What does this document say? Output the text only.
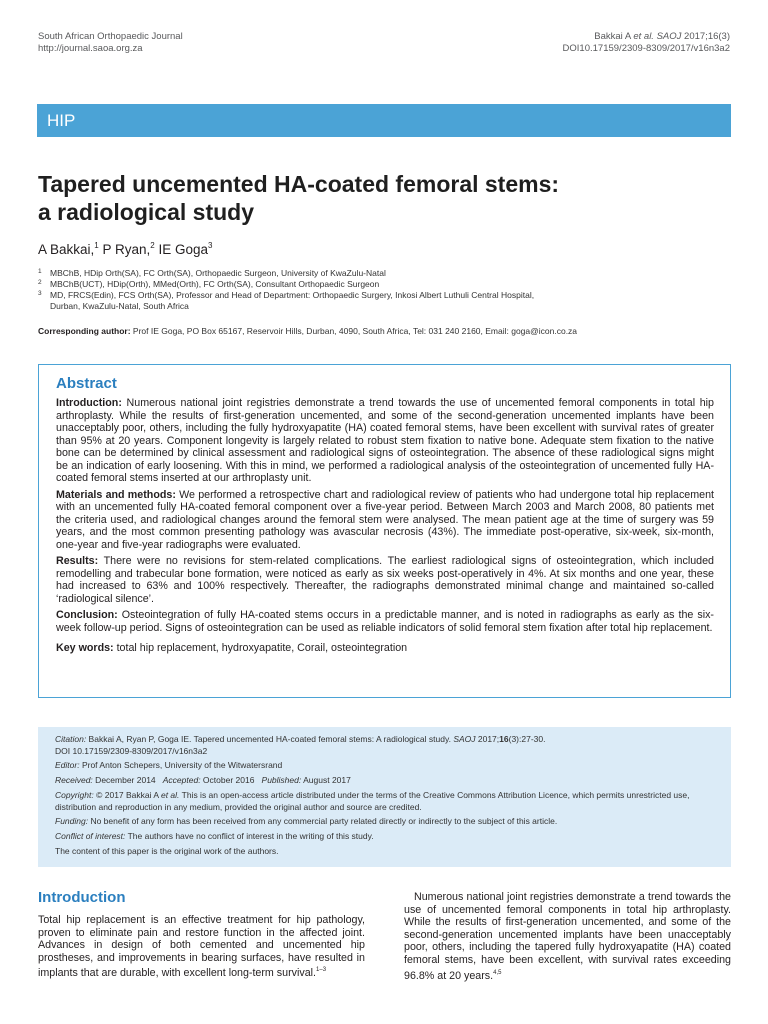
South African Orthopaedic Journal
http://journal.saoa.org.za
Bakkai A et al. SAOJ 2017;16(3)
DOI10.17159/2309-8309/2017/v16n3a2
HIP
Tapered uncemented HA-coated femoral stems:
a radiological study
A Bakkai,$^1$ P Ryan,$^2$ IE Goga$^3$
1 MBChB, HDip Orth(SA), FC Orth(SA), Orthopaedic Surgeon, University of KwaZulu-Natal
2 MBChB(UCT), HDip(Orth), MMed(Orth), FC Orth(SA), Consultant Orthopaedic Surgeon
3 MD, FRCS(Edin), FCS Orth(SA), Professor and Head of Department: Orthopaedic Surgery, Inkosi Albert Luthuli Central Hospital,
Durban, KwaZulu-Natal, South Africa
Corresponding author: Prof IE Goga, PO Box 65167, Reservoir Hills, Durban, 4090, South Africa, Tel: 031 240 2160, Email: goga@icon.co.za
Abstract

Introduction: Numerous national joint registries demonstrate a trend towards the use of uncemented femoral components in total hip arthroplasty. While the results of first-generation uncemented, and some of the second-generation uncemented implants have been unacceptably poor, others, including the fully hydroxyapatite (HA) coated femoral stems, have been excellent with survival rates of greater than 95% at 20 years. Component longevity is largely related to robust stem fixation to native bone. Adequate stem fixation to the native bone can be determined by clinical assessment and radiological signs of osteointegration. The absence of these radiological signs might be an indication of early loosening. With this in mind, we performed a radiological analysis of the osteointegration of uncemented fully HA-coated femoral stems inserted at our arthroplasty unit.

Materials and methods: We performed a retrospective chart and radiological review of patients who had undergone total hip replacement with an uncemented fully HA-coated femoral component over a five-year period. Between March 2003 and March 2008, 80 patients met the criteria used, and radiological changes around the femoral stem were analysed. The mean patient age at the time of surgery was 59 years, and the most common presenting pathology was avascular necrosis (43%). The immediate post-operative, six-week, six-month, one-year and five-year radiographs were evaluated.

Results: There were no revisions for stem-related complications. The earliest radiological signs of osteointegration, which included remodelling and trabecular bone formation, were noticed as early as six weeks post-operatively in 4%. At six months and one year, these had increased to 63% and 100% respectively. Thereafter, the radiographs demonstrated minimal change and maintained so-called ‘radiological silence’.

Conclusion: Osteointegration of fully HA-coated stems occurs in a predictable manner, and is noted in radiographs as early as the six-week follow-up period. Signs of osteointegration can be used as reliable indicators of solid femoral stem fixation after total hip replacement.

Key words: total hip replacement, hydroxyapatite, Corail, osteointegration

Citation: Bakkai A, Ryan P, Goga IE. Tapered uncemented HA-coated femoral stems: A radiological study. SAOJ 2017;16(3):27-30.
DOI 10.17159/2309-8309/2017/v16n3a2

Editor: Prof Anton Schepers, University of the Witwatersrand

Received: December 2014 Accepted: October 2016 Published: August 2017

Copyright: © 2017 Bakkai A et al. This is an open-access article distributed under the terms of the Creative Commons Attribution Licence, which permits unrestricted use, distribution and reproduction in any medium, provided the original author and source are credited.

Funding: No benefit of any form has been received from any commercial party related directly or indirectly to the subject of this article.

Conflict of interest: The authors have no conflict of interest in the writing of this study.

The content of this paper is the original work of the authors.

Introduction

Total hip replacement is an effective treatment for hip pathology, proven to eliminate pain and restore function in the affected joint. Advances in design of both cemented and uncemented hip prostheses, and improvements in bearing surfaces, have resulted in implants that are durable, with excellent long-term survival.$^{1-3}$

Numerous national joint registries demonstrate a trend towards the use of uncemented femoral components in total hip arthroplasty. While the results of first-generation uncemented, and some of the second-generation uncemented implants have been unacceptably poor, others, including the tapered fully hydroxyapatite (HA) coated femoral stems, have been excellent, with survival rates exceeding 96.8% at 20 years.$^{4,5}$
